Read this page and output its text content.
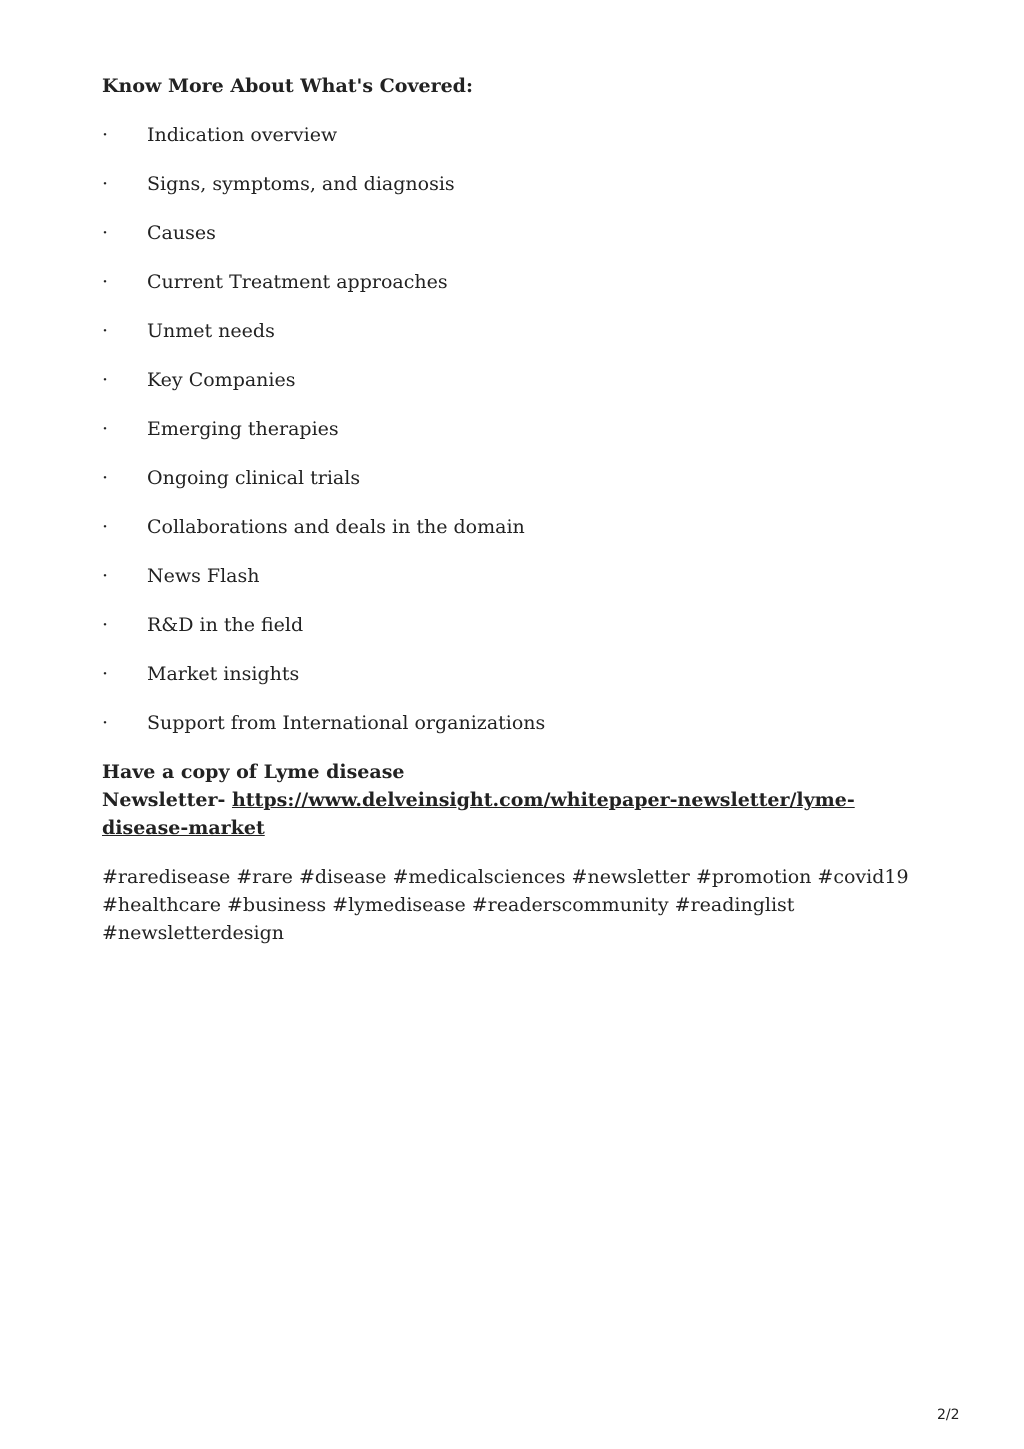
Know More About What's Covered:

·	Indication overview
·	Signs, symptoms, and diagnosis
·	Causes
·	Current Treatment approaches
·	Unmet needs
·	Key Companies
·	Emerging therapies
·	Ongoing clinical trials
·	Collaborations and deals in the domain
·	News Flash
·	R&D in the field
·	Market insights
·	Support from International organizations

Have a copy of Lyme disease
Newsletter- https://www.delveinsight.com/whitepaper-newsletter/lyme-disease-market

#raredisease #rare #disease #medicalsciences #newsletter #promotion #covid19 #healthcare #business #lymedisease #readerscommunity #readinglist #newsletterdesign

2/2
